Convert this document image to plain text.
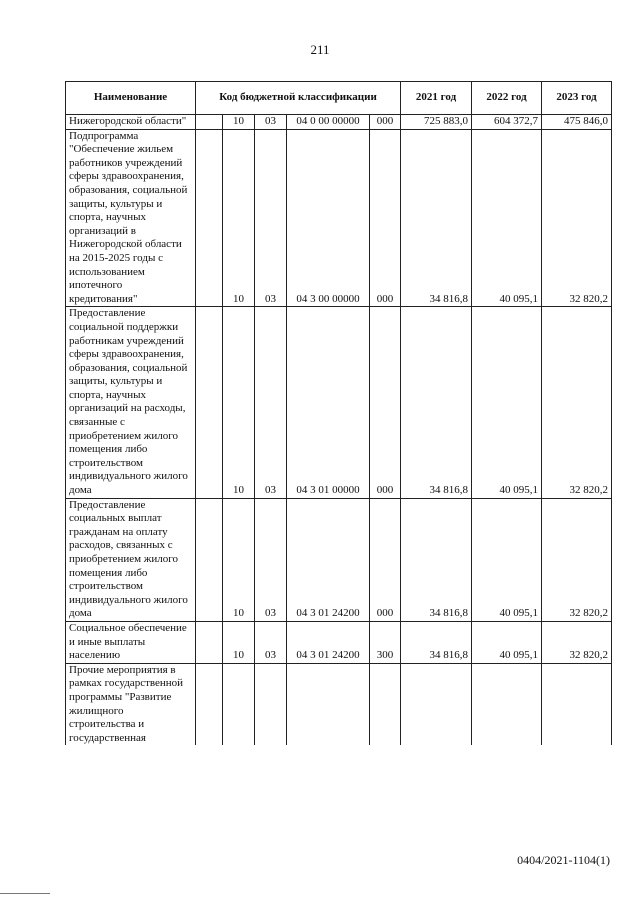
211
Наименование	Код бюджетной классификации					2021 год	2022 год	2023 год
Нижегородской области"		10	03	04 0 00 00000	000	725 883,0	604 372,7	475 846,0
Подпрограмма "Обеспечение жильем работников учреждений сферы здравоохранения, образования, социальной защиты, культуры и спорта, научных организаций в Нижегородской области на 2015-2025 годы с использованием ипотечного кредитования"		10	03	04 3 00 00000	000	34 816,8	40 095,1	32 820,2
Предоставление социальной поддержки работникам учреждений сферы здравоохранения, образования, социальной защиты, культуры и спорта, научных организаций на расходы, связанные с приобретением жилого помещения либо строительством индивидуального жилого дома		10	03	04 3 01 00000	000	34 816,8	40 095,1	32 820,2
Предоставление социальных выплат гражданам на оплату расходов, связанных с приобретением жилого помещения либо строительством индивидуального жилого дома		10	03	04 3 01 24200	000	34 816,8	40 095,1	32 820,2
Социальное обеспечение и иные выплаты населению		10	03	04 3 01 24200	300	34 816,8	40 095,1	32 820,2
Прочие мероприятия в рамках государственной программы "Развитие жилищного строительства и государственная								
0404/2021-1104(1)
